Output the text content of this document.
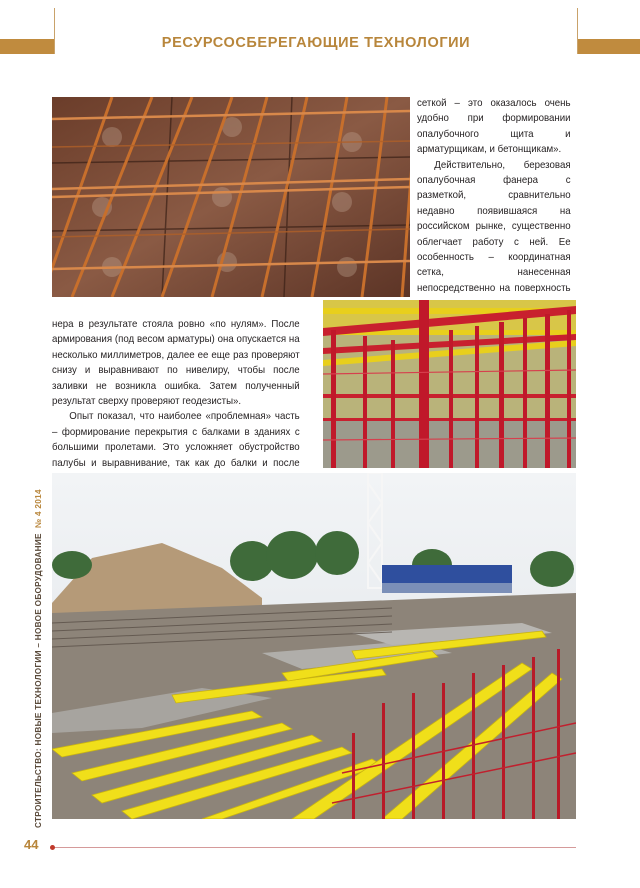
РЕСУРСОСБЕРЕГАЮЩИЕ ТЕХНОЛОГИИ

сеткой – это оказалось очень удобно при формировании опалубочного щита и арматурщикам, и бетонщикам».

Действительно, березовая опалубочная фанера с разметкой, сравнительно недавно появившаяся на российском рынке, существенно облегчает работу с ней. Ее особенность – координатная сетка, нанесенная непосредственно на поверхность

нера в результате стояла ровно «по нулям». После армирования (под весом арматуры) она опускается на несколько миллиметров, далее ее еще раз проверяют снизу и выравнивают по нивелиру, чтобы после заливки не возникла ошибка. Затем полученный результат сверху проверяют геодезисты».

Опыт показал, что наиболее «проблемная» часть – формирование перекрытия с балками в зданиях с большими пролетами. Это усложняет обустройство палубы и выравнивание, так как до балки и после

СТРОИТЕЛЬСТВО: НОВЫЕ ТЕХНОЛОГИИ – НОВОЕ ОБОРУДОВАНИЕ  № 4 2014
44
